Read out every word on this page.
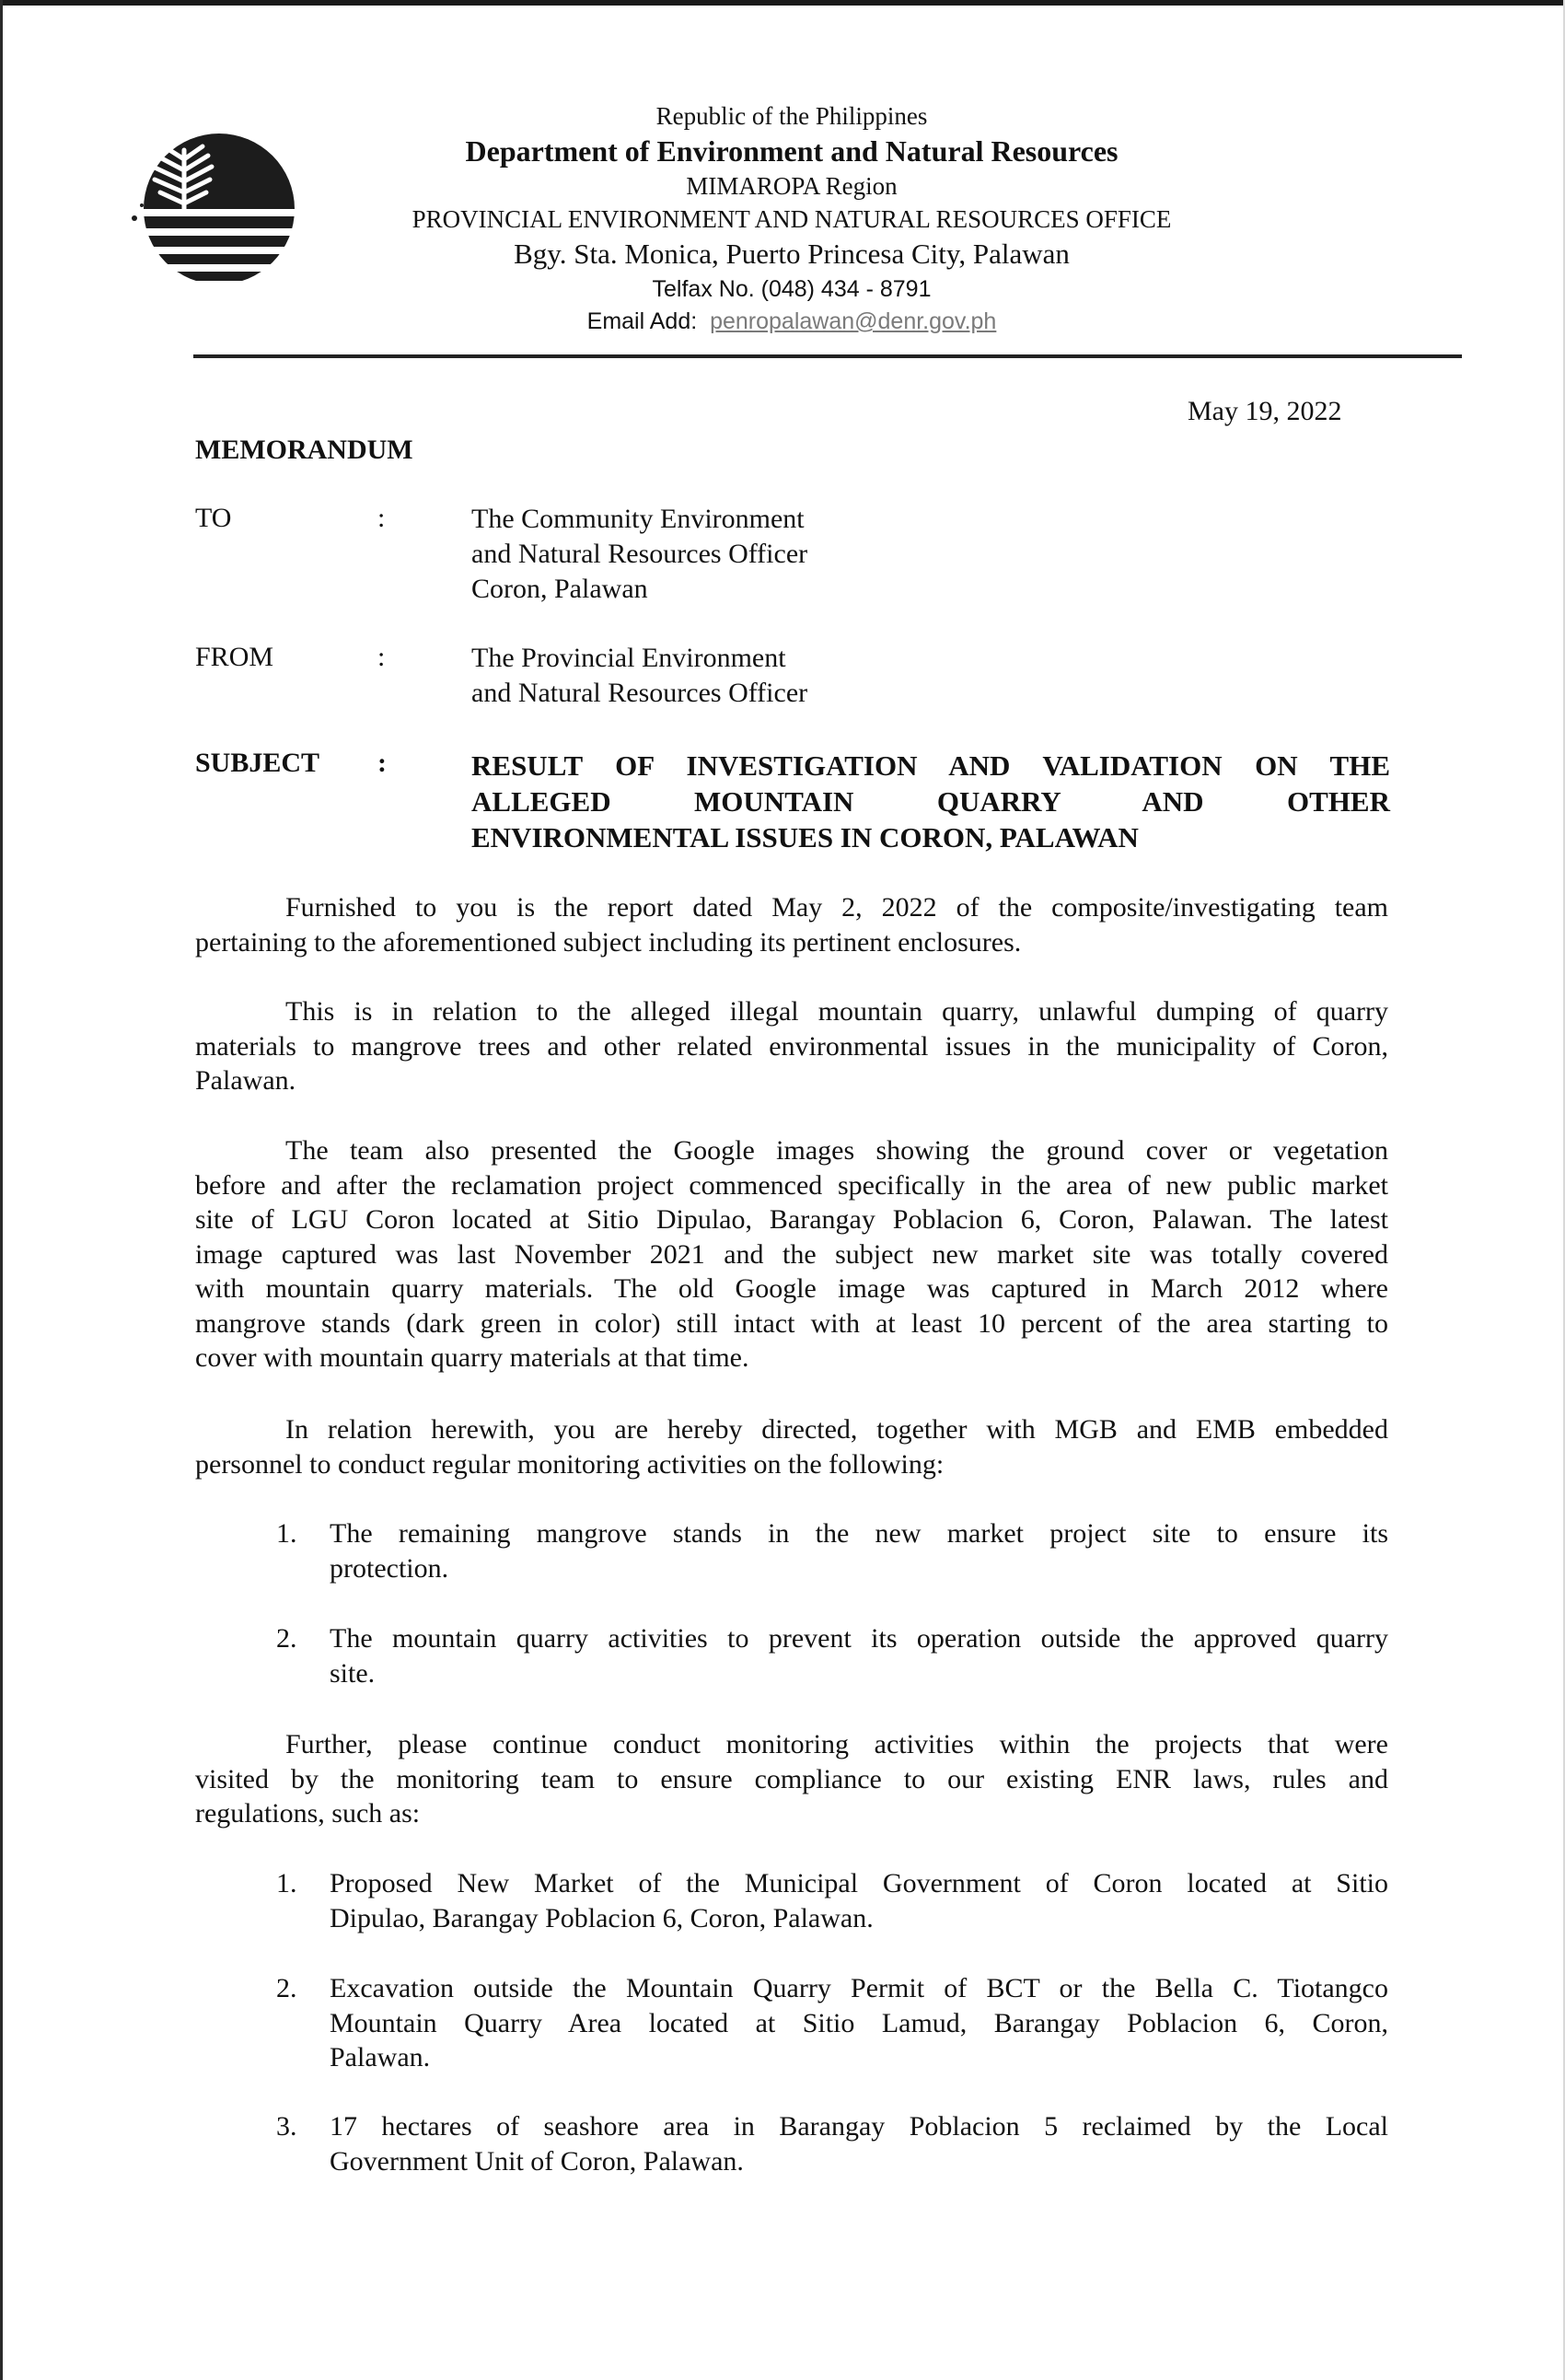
Republic of the Philippines
Department of Environment and Natural Resources
MIMAROPA Region
PROVINCIAL ENVIRONMENT AND NATURAL RESOURCES OFFICE
Bgy. Sta. Monica, Puerto Princesa City, Palawan
Telfax No. (048) 434 - 8791
Email Add: penropalawan@denr.gov.ph
May 19, 2022
MEMORANDUM
TO	:	The Community Environment
and Natural Resources Officer
Coron, Palawan
FROM	:	The Provincial Environment
and Natural Resources Officer
SUBJECT :	RESULT OF INVESTIGATION AND VALIDATION ON THE
ALLEGED MOUNTAIN QUARRY AND OTHER
ENVIRONMENTAL ISSUES IN CORON, PALAWAN
Furnished to you is the report dated May 2, 2022 of the composite/investigating team
pertaining to the aforementioned subject including its pertinent enclosures.
This is in relation to the alleged illegal mountain quarry, unlawful dumping of quarry
materials to mangrove trees and other related environmental issues in the municipality of Coron,
Palawan.
The team also presented the Google images showing the ground cover or vegetation
before and after the reclamation project commenced specifically in the area of new public market
site of LGU Coron located at Sitio Dipulao, Barangay Poblacion 6, Coron, Palawan. The latest
image captured was last November 2021 and the subject new market site was totally covered
with mountain quarry materials. The old Google image was captured in March 2012 where
mangrove stands (dark green in color) still intact with at least 10 percent of the area starting to
cover with mountain quarry materials at that time.
In relation herewith, you are hereby directed, together with MGB and EMB embedded
personnel to conduct regular monitoring activities on the following:
1. The remaining mangrove stands in the new market project site to ensure its
protection.
2. The mountain quarry activities to prevent its operation outside the approved quarry
site.
Further, please continue conduct monitoring activities within the projects that were
visited by the monitoring team to ensure compliance to our existing ENR laws, rules and
regulations, such as:
1. Proposed New Market of the Municipal Government of Coron located at Sitio
Dipulao, Barangay Poblacion 6, Coron, Palawan.
2. Excavation outside the Mountain Quarry Permit of BCT or the Bella C. Tiotangco
Mountain Quarry Area located at Sitio Lamud, Barangay Poblacion 6, Coron,
Palawan.
3. 17 hectares of seashore area in Barangay Poblacion 5 reclaimed by the Local
Government Unit of Coron, Palawan.
